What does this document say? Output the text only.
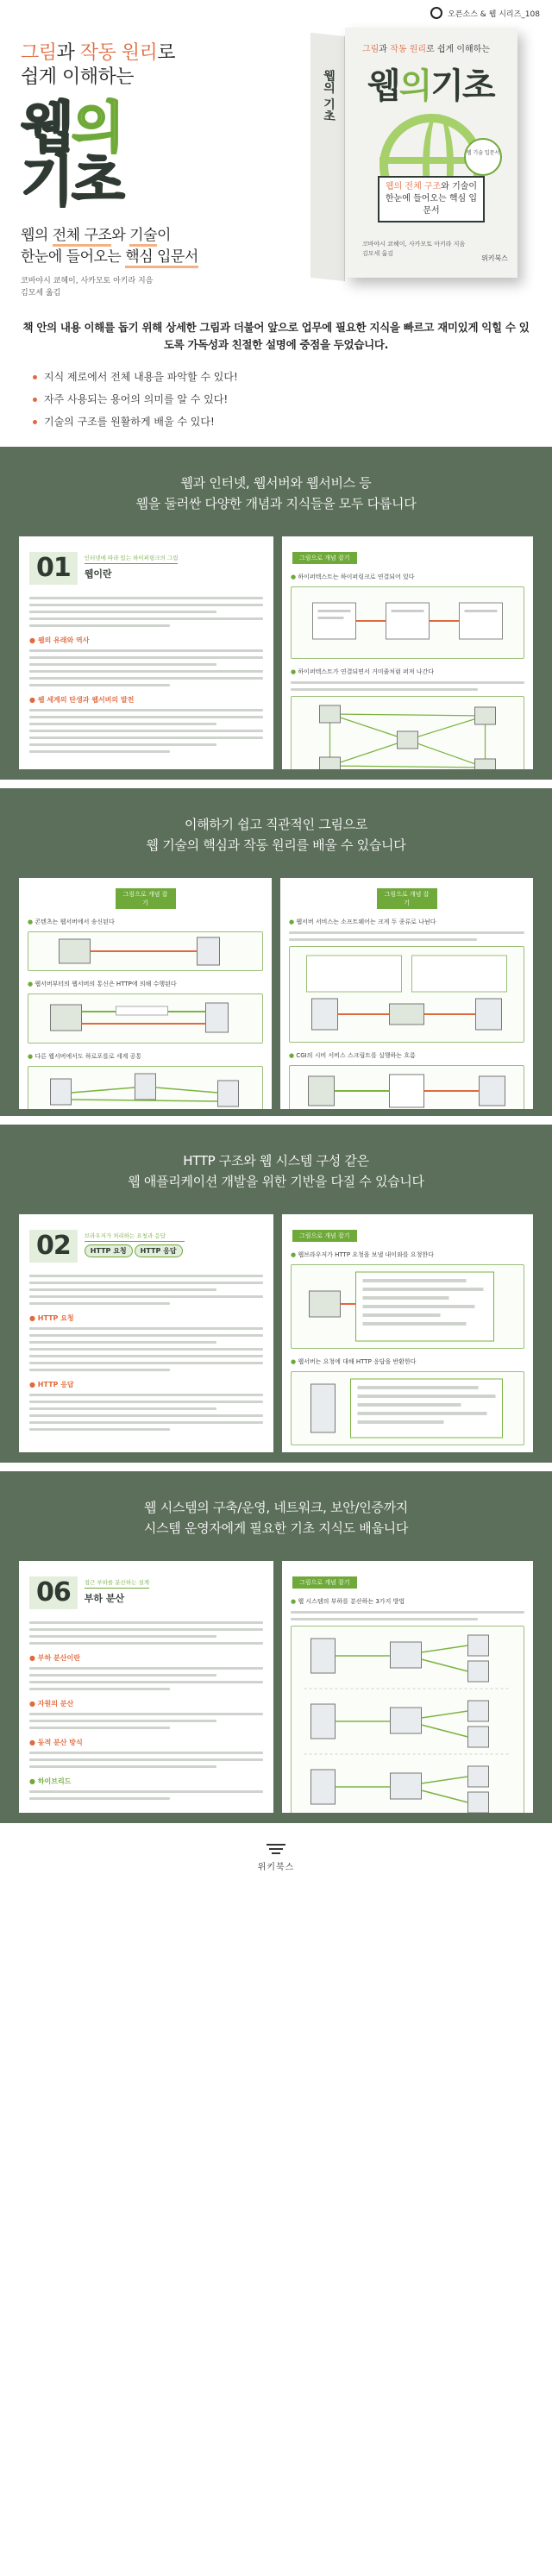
오픈소스 & 웹 시리즈_108
그림과 작동 원리로
쉽게 이해하는
웹의
기초
웹의 전체 구조와 기술이
한눈에 들어오는 핵심 입문서
코바야시 쿄헤이, 사카모토 아키라 지음
김모세 옮김
웹의 기초
그림과 작동 원리로 쉽게 이해하는
웹의기초
웹 기술 입문서
웹의 전체 구조와 기술이
한눈에 들어오는 핵심 입문서
코바야시 쿄헤이, 사카모토 아키라 지음
김모세 옮김
위키북스

책 안의 내용 이해를 돕기 위해 상세한 그림과 더불어 앞으로 업무에 필요한 지식을 빠르고 재미있게 익힐 수 있도록 가독성과 친절한 설명에 중점을 두었습니다.

지식 제로에서 전체 내용을 파악할 수 있다!
자주 사용되는 용어의 의미를 알 수 있다!
기술의 구조를 원활하게 배울 수 있다!
웹과 인터넷, 웹서버와 웹서비스 등
웹을 둘러싼 다양한 개념과 지식들을 모두 다룹니다
01	인터넷에 따라 있는 하이퍼링크의 그림
웹이란
● 웹의 유래와 역사
● 웹 세계의 탄생과 웹서버의 발전
그림으로 개념 잡기
● 하이퍼텍스트는 하이퍼링크로 연결되어 있다
● 하이퍼텍스트가 연결되면서 거미줄처럼 퍼져 나간다
이해하기 쉽고 직관적인 그림으로
웹 기술의 핵심과 작동 원리를 배울 수 있습니다
그림으로 개념 잡기
● 콘텐츠는 웹서버에서 송신된다
● 웹서버부터의 웹서버의 통신은 HTTP에 의해 수행된다
● 다른 웹서버에서도 하로포를로 세계 공통
그림으로 개념 잡기
● 웹서버 서비스는 소프트웨어는 크게 두 종류로 나뉜다
● CGI의 시비 서비스 스크립트를 실행하는 흐름
HTTP 구조와 웹 시스템 구성 같은
웹 애플리케이션 개발을 위한 기반을 다질 수 있습니다
02	브라우저가 처리하는 요청과 응답
HTTP 요청 HTTP 응답
● HTTP 요청
● HTTP 응답
그림으로 개념 잡기
● 웹브라우저가 HTTP 요청을 보낼 내이와를 요청한다
● 웹서버는 요청에 대해 HTTP 응답을 반환한다
웹 시스템의 구축/운영, 네트워크, 보안/인증까지
시스템 운영자에게 필요한 기초 지식도 배웁니다
06	접근 부하를 분산하는 설계
부하 분산
● 부하 분산이란
● 자원의 분산
● 동적 분산 방식
● 하이브리드
그림으로 개념 잡기
● 웹 시스템의 부하를 분산하는 3가지 방법
위키북스
